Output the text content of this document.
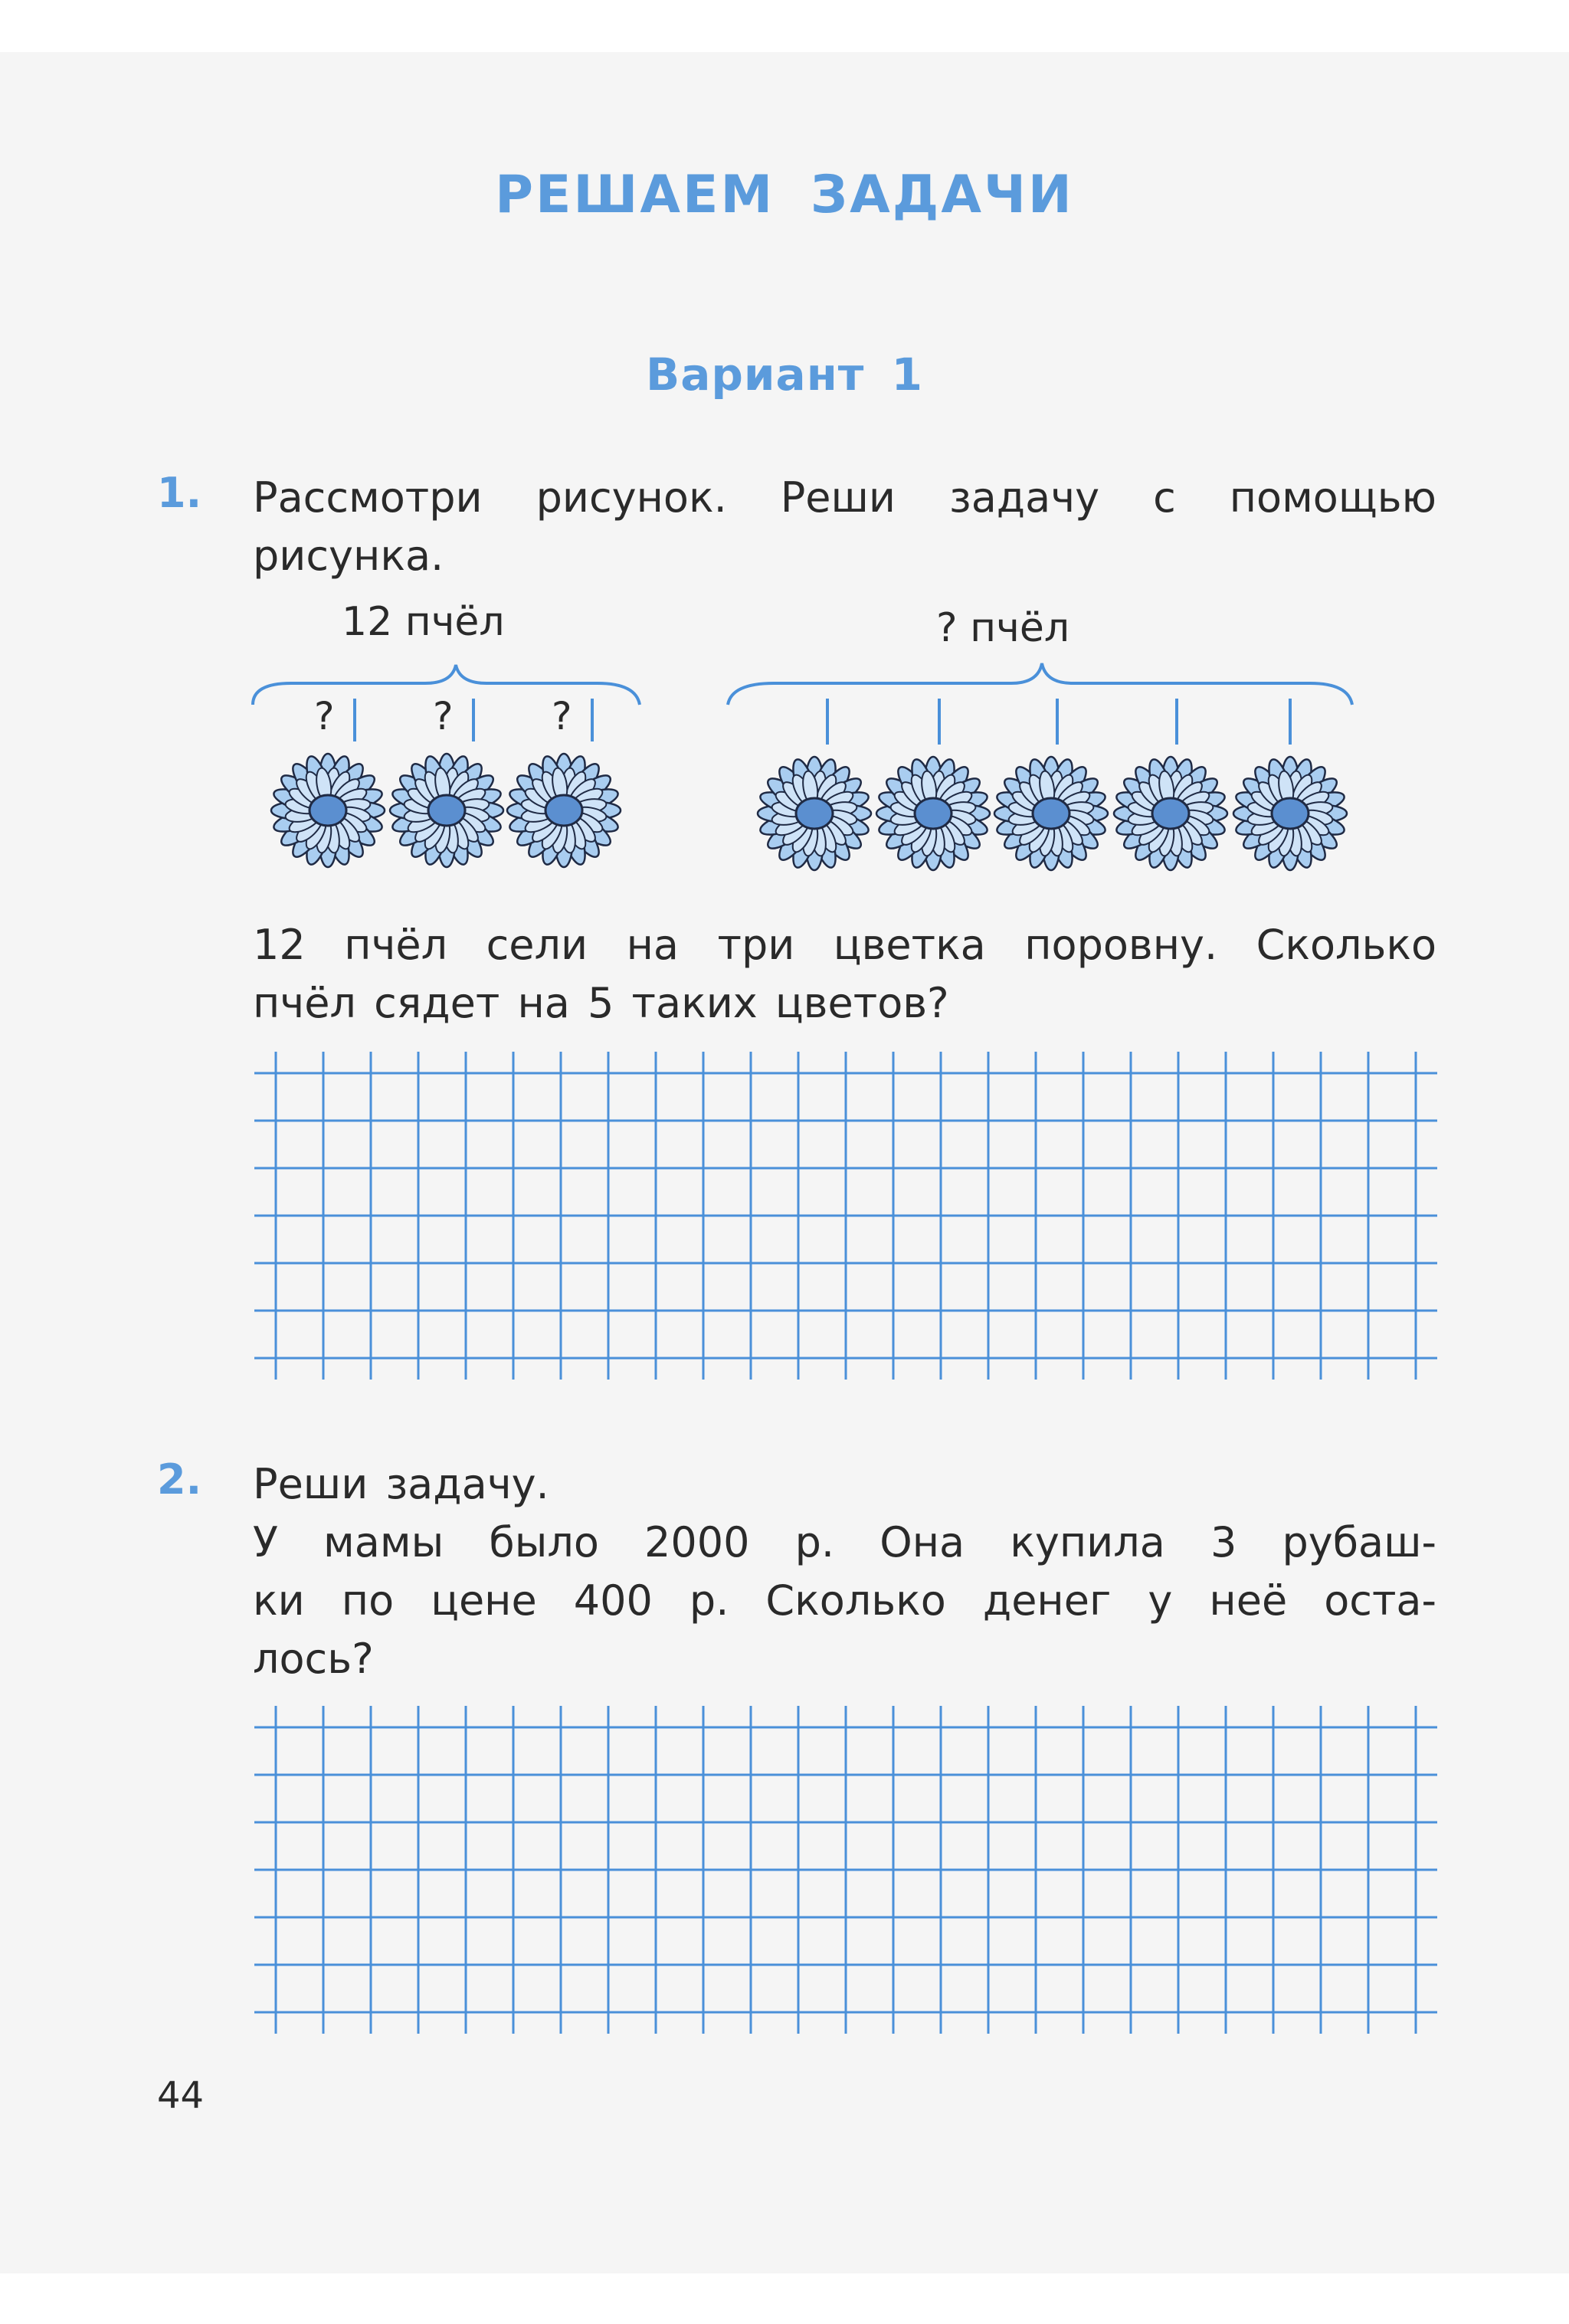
РЕШАЕМ ЗАДАЧИ
Вариант 1
1. Рассмотри рисунок. Реши задачу с помощью
рисунка.
12 пчёл	? пчёл
?	?	?
12 пчёл сели на три цветка поровну. Сколько
пчёл сядет на 5 таких цветов?
2. Реши задачу.
У мамы было 2000 р. Она купила 3 рубаш-
ки по цене 400 р. Сколько денег у неё оста-
лось?
44
